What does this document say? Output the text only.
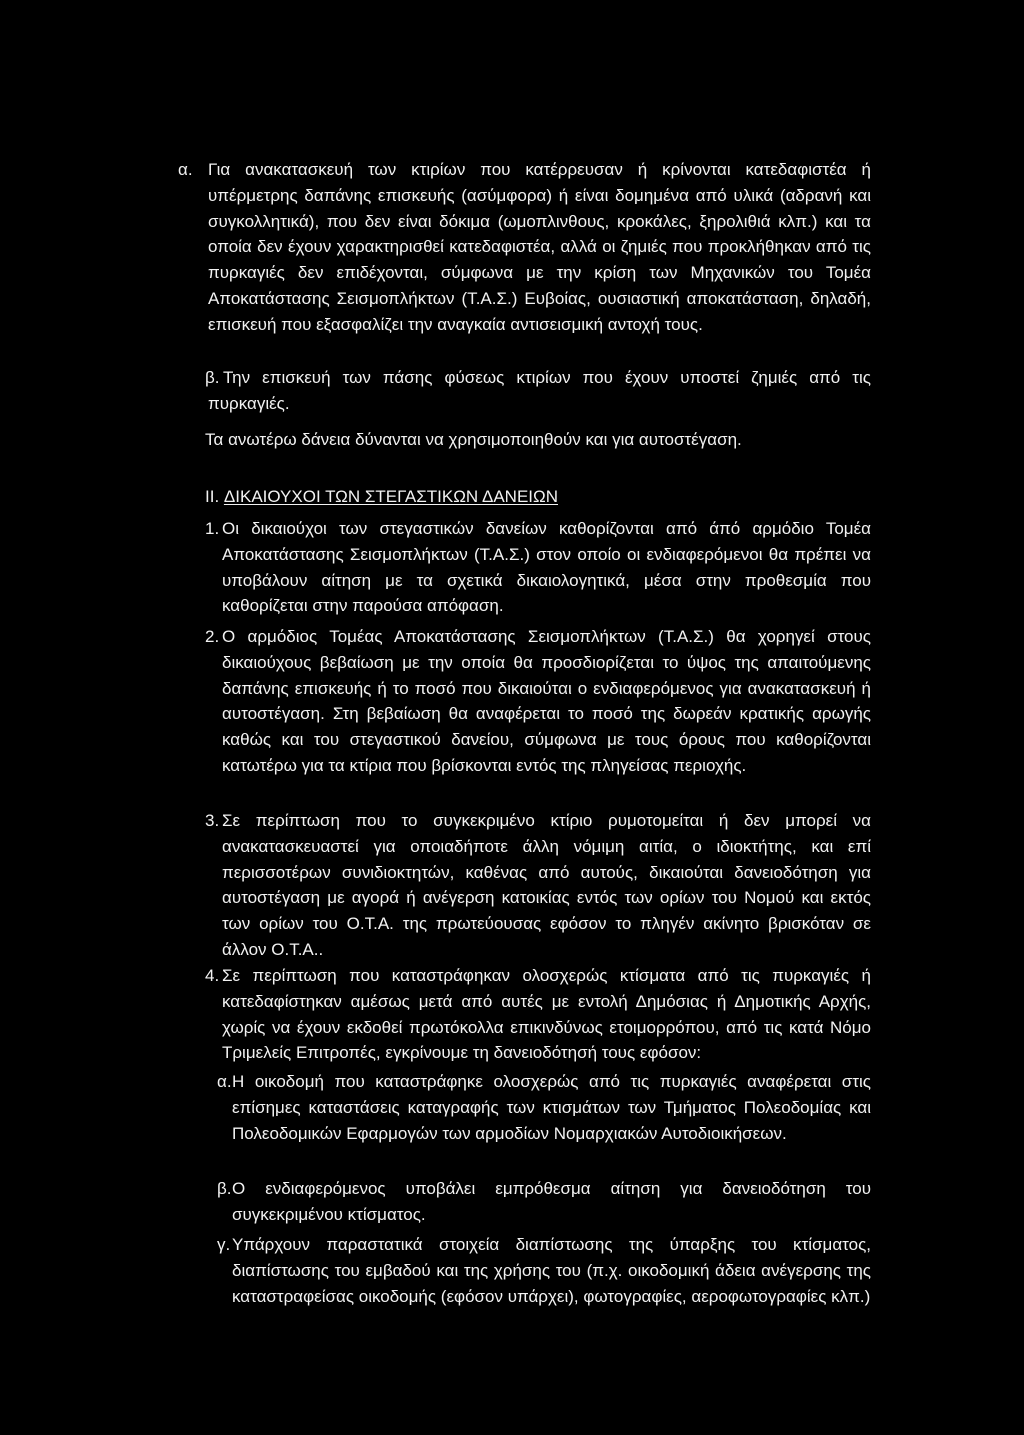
α. Για ανακατασκευή των κτιρίων που κατέρρευσαν ή κρίνονται κατεδαφιστέα ή υπέρμετρης δαπάνης επισκευής (ασύμφορα) ή είναι δομημένα από υλικά (αδρανή και συγκολλητικά), που δεν είναι δόκιμα (ωμοπλινθους, κροκάλες, ξηρολιθιά κλπ.) και τα οποία δεν έχουν χαρακτηρισθεί κατεδαφιστέα, αλλά οι ζημιές που προκλήθηκαν από τις πυρκαγιές δεν επιδέχονται, σύμφωνα με την κρίση των Μηχανικών του Τομέα Αποκατάστασης Σεισμοπλήκτων (Τ.Α.Σ.) Ευβοίας, ουσιαστική αποκατάσταση, δηλαδή, επισκευή που εξασφαλίζει την αναγκαία αντισεισμική αντοχή τους.

β. Την επισκευή των πάσης φύσεως κτιρίων που έχουν υποστεί ζημιές από τις πυρκαγιές.

Τα ανωτέρω δάνεια δύνανται να χρησιμοποιηθούν και για αυτοστέγαση.

II. ΔΙΚΑΙΟΥΧΟΙ ΤΩΝ ΣΤΕΓΑΣΤΙΚΩΝ ΔΑΝΕΙΩΝ
1. Οι δικαιούχοι των στεγαστικών δανείων καθορίζονται από άπό αρμόδιο Τομέα Αποκατάστασης Σεισμοπλήκτων (Τ.Α.Σ.) στον οποίο οι ενδιαφερόμενοι θα πρέπει να υποβάλουν αίτηση με τα σχετικά δικαιολογητικά, μέσα στην προθεσμία που καθορίζεται στην παρούσα απόφαση.

2. Ο αρμόδιος Τομέας Αποκατάστασης Σεισμοπλήκτων (Τ.Α.Σ.) θα χορηγεί στους δικαιούχους βεβαίωση με την οποία θα προσδιορίζεται το ύψος της απαιτούμενης δαπάνης επισκευής ή το ποσό που δικαιούται ο ενδιαφερόμενος για ανακατασκευή ή αυτοστέγαση. Στη βεβαίωση θα αναφέρεται το ποσό της δωρεάν κρατικής αρωγής καθώς και του στεγαστικού δανείου, σύμφωνα με τους όρους που καθορίζονται κατωτέρω για τα κτίρια που βρίσκονται εντός της πληγείσας περιοχής.

3. Σε περίπτωση που το συγκεκριμένο κτίριο ρυμοτομείται ή δεν μπορεί να ανακατασκευαστεί για οποιαδήποτε άλλη νόμιμη αιτία, ο ιδιοκτήτης, και επί περισσοτέρων συνιδιοκτητών, καθένας από αυτούς, δικαιούται δανειοδότηση για αυτοστέγαση με αγορά ή ανέγερση κατοικίας εντός των ορίων του Νομού και εκτός των ορίων του Ο.Τ.Α. της πρωτεύουσας εφόσον το πληγέν ακίνητο βρισκόταν σε άλλον Ο.Τ.Α..

4. Σε περίπτωση που καταστράφηκαν ολοσχερώς κτίσματα από τις πυρκαγιές ή κατεδαφίστηκαν αμέσως μετά από αυτές με εντολή Δημόσιας ή Δημοτικής Αρχής, χωρίς να έχουν εκδοθεί πρωτόκολλα επικινδύνως ετοιμορρόπου, από τις κατά Νόμο Τριμελείς Επιτροπές, εγκρίνουμε τη δανειοδότησή τους εφόσον:

α. Η οικοδομή που καταστράφηκε ολοσχερώς από τις πυρκαγιές αναφέρεται στις επίσημες καταστάσεις καταγραφής των κτισμάτων των Τμήματος Πολεοδομίας και Πολεοδομικών Εφαρμογών των αρμοδίων Νομαρχιακών Αυτοδιοικήσεων.

β. Ο ενδιαφερόμενος υποβάλει εμπρόθεσμα αίτηση για δανειοδότηση του συγκεκριμένου κτίσματος.

γ. Υπάρχουν παραστατικά στοιχεία διαπίστωσης της ύπαρξης του κτίσματος, διαπίστωσης του εμβαδού και της χρήσης του (π.χ. οικοδομική άδεια ανέγερσης της καταστραφείσας οικοδομής (εφόσον υπάρχει), φωτογραφίες, αεροφωτογραφίες κλπ.)
